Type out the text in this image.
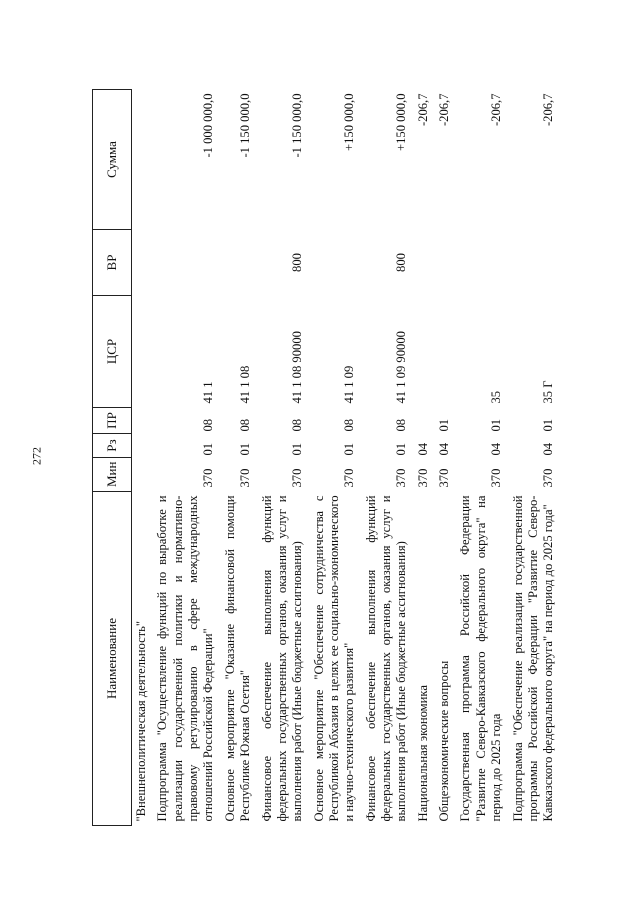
272
Наименование	Мин	Рз	ПР	ЦСР	ВР	Сумма
"Внешнеполитическая деятельность"						
Подпрограмма "Осуществление функций по выработке и реализации государственной политики и нормативно-правовому регулированию в сфере международных отношений Российской Федерации"	370	01	08	41 1		-1 000 000,0
Основное мероприятие "Оказание финансовой помощи Республике Южная Осетия"	370	01	08	41 1 08		-1 150 000,0
Финансовое обеспечение выполнения функций федеральных государственных органов, оказания услуг и выполнения работ (Иные бюджетные ассигнования)	370	01	08	41 1 08 90000	800	-1 150 000,0
Основное мероприятие "Обеспечение сотрудничества с Республикой Абхазия в целях ее социально-экономического и научно-технического развития"	370	01	08	41 1 09		+150 000,0
Финансовое обеспечение выполнения функций федеральных государственных органов, оказания услуг и выполнения работ (Иные бюджетные ассигнования)	370	01	08	41 1 09 90000	800	+150 000,0
Национальная экономика	370	04				-206,7
Общеэкономические вопросы	370	04	01			-206,7
Государственная программа Российской Федерации "Развитие Северо-Кавказского федерального округа" на период до 2025 года	370	04	01	35		-206,7
Подпрограмма "Обеспечение реализации государственной программы Российской Федерации "Развитие Северо-Кавказского федерального округа" на период до 2025 года"	370	04	01	35 Г		-206,7
